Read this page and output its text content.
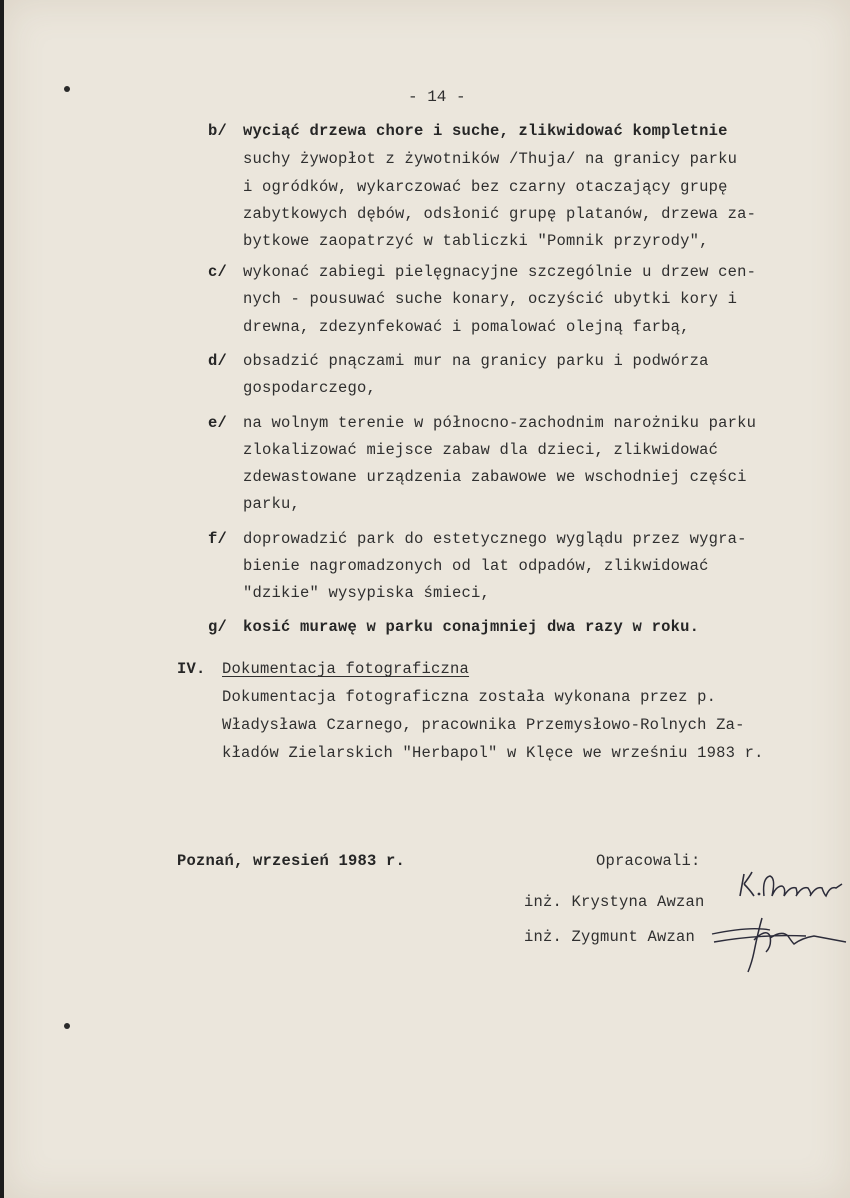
- 14 -
b/ wyciąć drzewa chore i suche, zlikwidować kompletnie
suchy żywopłot z żywotników /Thuja/ na granicy parku
i ogródków, wykarczować bez czarny otaczający grupę
zabytkowych dębów, odsłonić grupę platanów, drzewa za-
bytkowe zaopatrzyć w tabliczki "Pomnik przyrody",
c/ wykonać zabiegi pielęgnacyjne szczególnie u drzew cen-
nych - pousuwać suche konary, oczyścić ubytki kory i
drewna, zdezynfekować i pomalować olejną farbą,
d/ obsadzić pnączami mur na granicy parku i podwórza
gospodarczego,
e/ na wolnym terenie w północno-zachodnim narożniku parku
zlokalizować miejsce zabaw dla dzieci, zlikwidować
zdewastowane urządzenia zabawowe we wschodniej części
parku,
f/ doprowadzić park do estetycznego wyglądu przez wygra-
bienie nagromadzonych od lat odpadów, zlikwidować
"dzikie" wysypiska śmieci,
g/ kosić murawę w parku conajmniej dwa razy w roku.
IV. Dokumentacja fotograficzna
Dokumentacja fotograficzna została wykonana przez p.
Władysława Czarnego, pracownika Przemysłowo-Rolnych Za-
kładów Zielarskich "Herbapol" w Klęce we wrześniu 1983 r.
Poznań, wrzesień 1983 r.	Opracowali:
inż. Krystyna Awzan
inż. Zygmunt Awzan
